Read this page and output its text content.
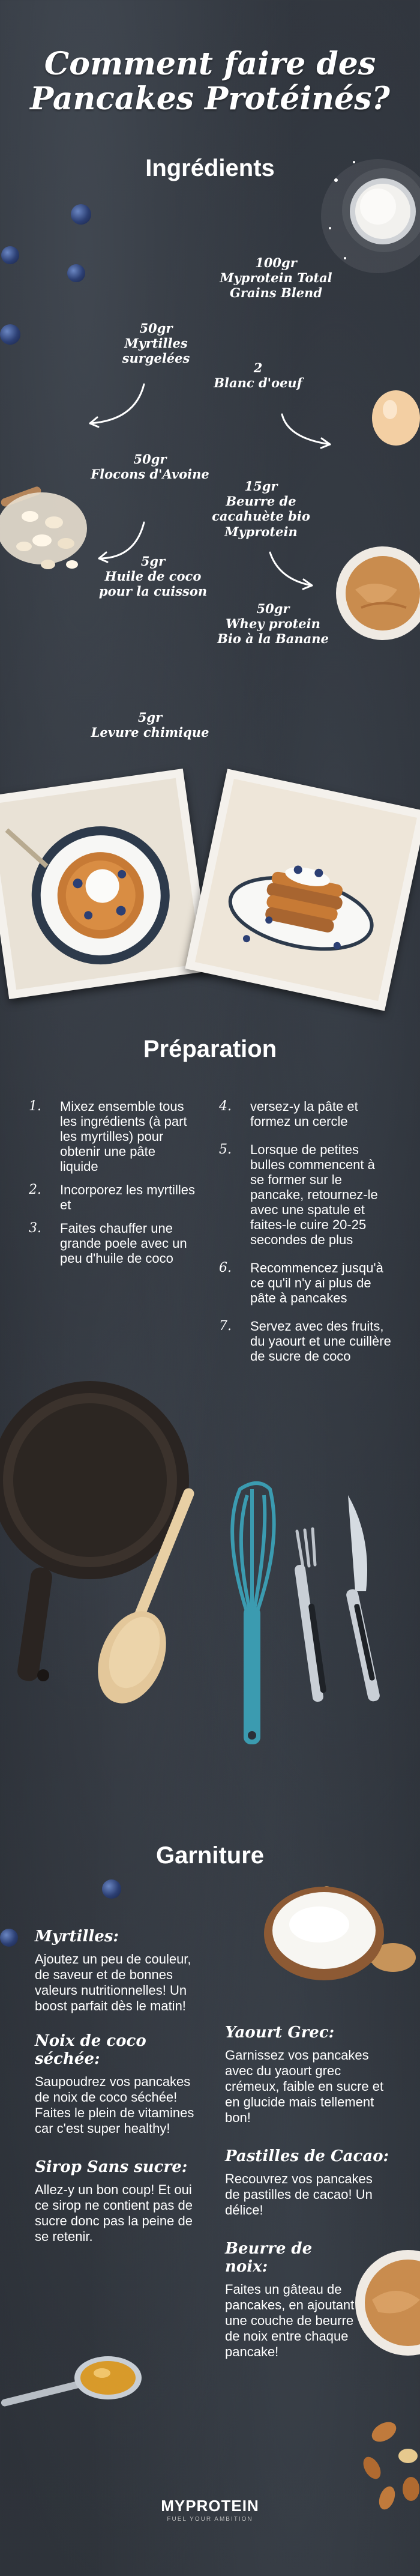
Comment faire des
Pancakes Protéinés?
Ingrédients
100gr
Myprotein Total Grains Blend
50gr
Myrtilles surgelées
2
Blanc d'oeuf
50gr
Flocons d'Avoine
15gr
Beurre de cacahuète bio Myprotein
5gr
Huile de coco pour la cuisson
50gr
Whey protein Bio à la Banane
5gr
Levure chimique
Préparation
1.	Mixez ensemble tous les ingrédients (à part les myrtilles) pour obtenir une pâte liquide
2.	Incorporez les myrtilles et
3.	Faites chauffer une grande poele avec un peu d'huile de coco
4.	versez-y la pâte et formez un cercle
5.	Lorsque de petites bulles commencent à se former sur le pancake, retournez-le avec une spatule et faites-le cuire 20-25 secondes de plus
6.	Recommencez jusqu'à ce qu'il n'y ai plus de pâte à pancakes
7.	Servez avec des fruits, du yaourt et une cuillère de sucre de coco
Garniture
Myrtilles:
Ajoutez un peu de couleur, de saveur et de bonnes valeurs nutritionnelles! Un boost parfait dès le matin!
Noix de coco séchée:
Saupoudrez vos pancakes de noix de coco séchée! Faites le plein de vitamines car c'est super healthy!
Sirop Sans sucre:
Allez-y un bon coup! Et oui ce sirop ne contient pas de sucre donc pas la peine de se retenir.
Yaourt Grec:
Garnissez vos pancakes avec du yaourt grec crémeux, faible en sucre et en glucide mais tellement bon!
Pastilles de Cacao:
Recouvrez vos pancakes de pastilles de cacao! Un délice!
Beurre de noix:
Faites un gâteau de pancakes, en ajoutant une couche de beurre de noix entre chaque pancake!
MYPROTEIN
FUEL YOUR AMBITION
